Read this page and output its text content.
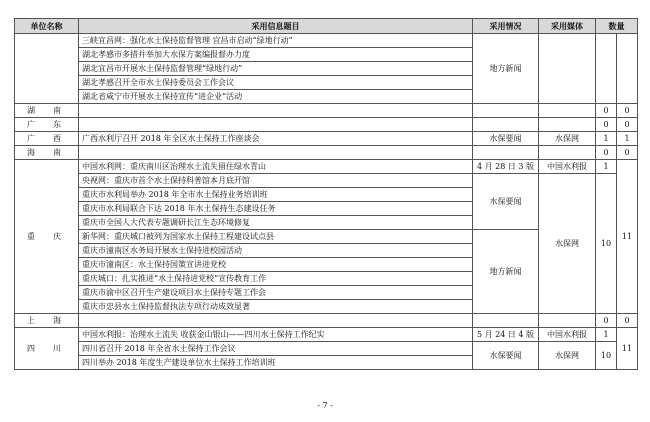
单位名称	采用信息题目	采用情况	采用媒体	数量	
	三峡宜昌网：强化水土保持监督管理 宜昌市启动“绿地行动”	地方新闻			
	湖北孝感市多措并举加大水保方案编报督办力度				
	湖北宜昌市开展水土保持监督管理“绿地行动”				
	湖北孝感召开全市水土保持委员会工作会议				
	湖北省咸宁市开展水土保持宣传“进企业”活动				
湖　南				0	0
广　东				0	0
广　西	广西水利厅召开 2018 年全区水土保持工作座谈会	水保要闻	水保网	1	1
海　南				0	0
重　庆	中国水利网：重庆南川区治理水土流失留住绿水青山	4 月 28 日 3 版	中国水利报	1	11
	央视网：重庆市首个水土保持科普馆本月底开馆	水保要闻	水保网	10	
	重庆市水利局举办 2018 年全市水土保持业务培训班				
	重庆市水利局联合下达 2018 年水土保持生态建设任务				
	重庆市全国人大代表专题调研长江生态环境修复				
	新华网：重庆城口被列为国家水土保持工程建设试点县	地方新闻			
	重庆市潼南区水务局开展水土保持进校园活动				
	重庆市潼南区：水土保持国策宣讲进党校				
	重庆城口：扎实推进“水土保持进党校”宣传教育工作				
	重庆市渝中区召开生产建设项目水土保持专题工作会				
	重庆市忠县水土保持监督执法专项行动成效显著				
上　海				0	0
四　川	中国水利报：治理水土流失 收获金山银山——四川水土保持工作纪实	5 月 24 日 4 版	中国水利报	1	11
	四川省召开 2018 年全省水土保持工作会议	水保要闻	水保网	10	
	四川举办 2018 年度生产建设单位水土保持工作培训班				
- 7 -
